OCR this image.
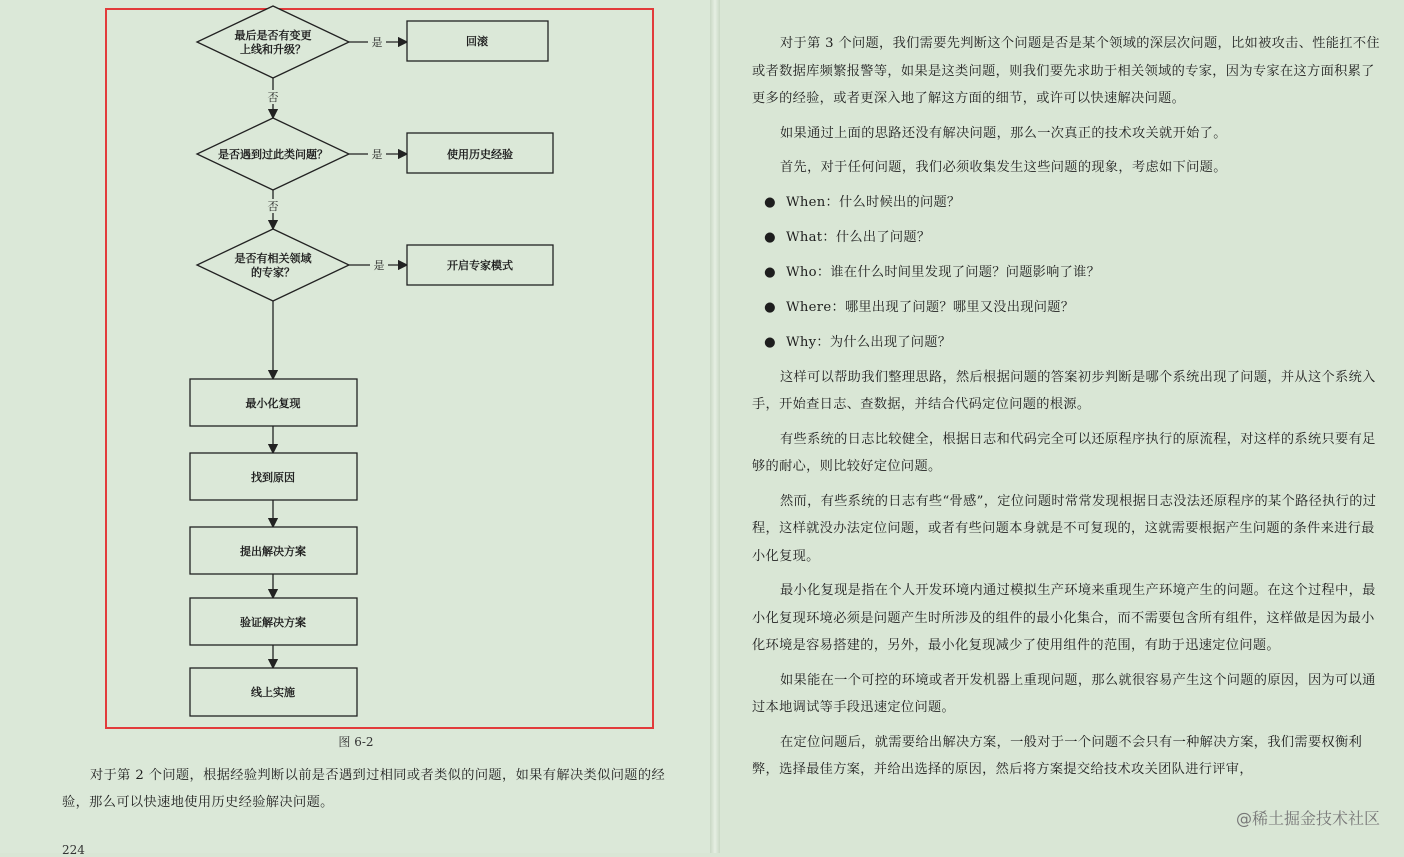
最后是否有变更
上线和升级？
是	回滚
否
是否遇到过此类问题？	是	使用历史经验
否
是否有相关领域
的专家？
是	开启专家模式
最小化复现
找到原因
提出解决方案
验证解决方案
线上实施
图 6-2

对于第 2 个问题，根据经验判断以前是否遇到过相同或者类似的问题，如果有解决类似问题的经验，那么可以快速地使用历史经验解决问题。

224

对于第 3 个问题，我们需要先判断这个问题是否是某个领域的深层次问题，比如被攻击、性能扛不住或者数据库频繁报警等，如果是这类问题，则我们要先求助于相关领域的专家，因为专家在这方面积累了更多的经验，或者更深入地了解这方面的细节，或许可以快速解决问题。

如果通过上面的思路还没有解决问题，那么一次真正的技术攻关就开始了。

首先，对于任何问题，我们必须收集发生这些问题的现象，考虑如下问题。

● When：什么时候出的问题？
● What：什么出了问题？
● Who：谁在什么时间里发现了问题？问题影响了谁？
● Where：哪里出现了问题？哪里又没出现问题？
● Why：为什么出现了问题？

这样可以帮助我们整理思路，然后根据问题的答案初步判断是哪个系统出现了问题，并从这个系统入手，开始查日志、查数据，并结合代码定位问题的根源。

有些系统的日志比较健全，根据日志和代码完全可以还原程序执行的原流程，对这样的系统只要有足够的耐心，则比较好定位问题。

然而，有些系统的日志有些“骨感”，定位问题时常常发现根据日志没法还原程序的某个路径执行的过程，这样就没办法定位问题，或者有些问题本身就是不可复现的，这就需要根据产生问题的条件来进行最小化复现。

最小化复现是指在个人开发环境内通过模拟生产环境来重现生产环境产生的问题。在这个过程中，最小化复现环境必须是问题产生时所涉及的组件的最小化集合，而不需要包含所有组件，这样做是因为最小化环境是容易搭建的，另外，最小化复现减少了使用组件的范围，有助于迅速定位问题。

如果能在一个可控的环境或者开发机器上重现问题，那么就很容易产生这个问题的原因，因为可以通过本地调试等手段迅速定位问题。

在定位问题后，就需要给出解决方案，一般对于一个问题不会只有一种解决方案，我们需要权衡利弊，选择最佳方案，并给出选择的原因，然后将方案提交给技术攻关团队进行评审，

@稀土掘金技术社区
